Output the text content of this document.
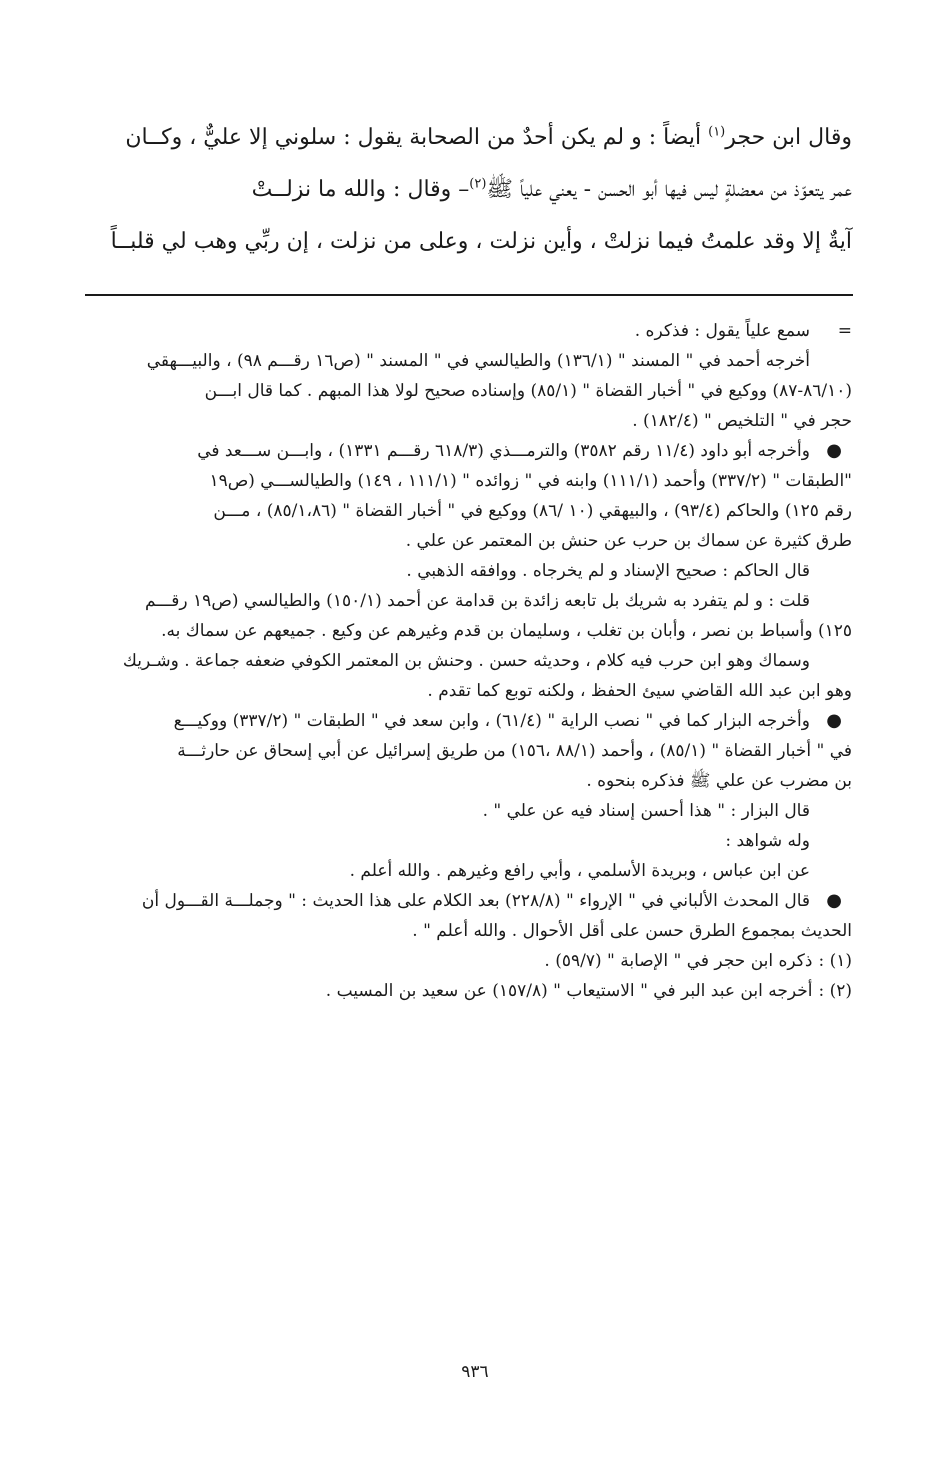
وقال ابن حجر$^{(١)}$ أيضاً : و لم يكن أحدٌ من الصحابة يقول : سلوني إلا عليٌّ ، وكــان

عمر يتعوّذ من معضلةٍ ليس فيها أبو الحسن - يعني علياً ﷺ$^{(٢)}$– وقال : والله ما نزلــتْ

آيةٌ إلا وقد علمتُ فيما نزلتْ ، وأين نزلت ، وعلى من نزلت ، إن ربِّي وهب لي قلبــاً

=
سمع علياً يقول : فذكره .

أخرجه أحمد في " المسند " (١٣٦/١) والطيالسي في " المسند " (ص١٦ رقـــم ٩٨) ، والبيـــهقي

(٨٦/١٠-٨٧) ووكيع في " أخبار القضاة " (٨٥/١) وإسناده صحيح لولا هذا المبهم . كما قال ابـــن

حجر في " التلخيص " (١٨٢/٤) .

●
وأخرجه أبو داود (١١/٤ رقم ٣٥٨٢) والترمـــذي (٦١٨/٣ رقـــم ١٣٣١) ، وابـــن ســـعد في

"الطبقات " (٣٣٧/٢) وأحمد (١١١/١) وابنه في " زوائده " (١١١/١ ، ١٤٩) والطيالســـي (ص١٩

رقم ١٢٥) والحاكم (٩٣/٤) ، والبيهقي (١٠ /٨٦) ووكيع في " أخبار القضاة " (٨٥/١،٨٦) ، مـــن

طرق كثيرة عن سماك بن حرب عن حنش بن المعتمر عن علي .

قال الحاكم : صحيح الإسناد و لم يخرجاه . ووافقه الذهبي .

قلت : و لم يتفرد به شريك بل تابعه زائدة بن قدامة عن أحمد (١٥٠/١) والطيالسي (ص١٩ رقـــم

١٢٥) وأسباط بن نصر ، وأبان بن تغلب ، وسليمان بن قدم وغيرهم عن وكيع . جميعهم عن سماك به.

وسماك وهو ابن حرب فيه كلام ، وحديثه حسن . وحنش بن المعتمر الكوفي ضعفه جماعة . وشـريك

وهو ابن عبد الله القاضي سيئ الحفظ ، ولكنه توبع كما تقدم .

●
وأخرجه البزار كما في " نصب الراية " (٦١/٤) ، وابن سعد في " الطبقات " (٣٣٧/٢) ووكيـــع

في " أخبار القضاة " (٨٥/١) ، وأحمد (٨٨/١ ،١٥٦) من طريق إسرائيل عن أبي إسحاق عن حارثـــة

بن مضرب عن علي ﷺ فذكره بنحوه .

قال البزار : " هذا أحسن إسناد فيه عن علي " .

وله شواهد :

عن ابن عباس ، وبريدة الأسلمي ، وأبي رافع وغيرهم . والله أعلم .

●
قال المحدث الألباني في " الإرواء " (٢٢٨/٨) بعد الكلام على هذا الحديث : " وجملـــة القـــول أن

الحديث بمجموع الطرق حسن على أقل الأحوال . والله أعلم " .

(١) :ذكره ابن حجر في " الإصابة " (٥٩/٧) .

(٢) :أخرجه ابن عبد البر في " الاستيعاب " (١٥٧/٨) عن سعيد بن المسيب .

٩٣٦
